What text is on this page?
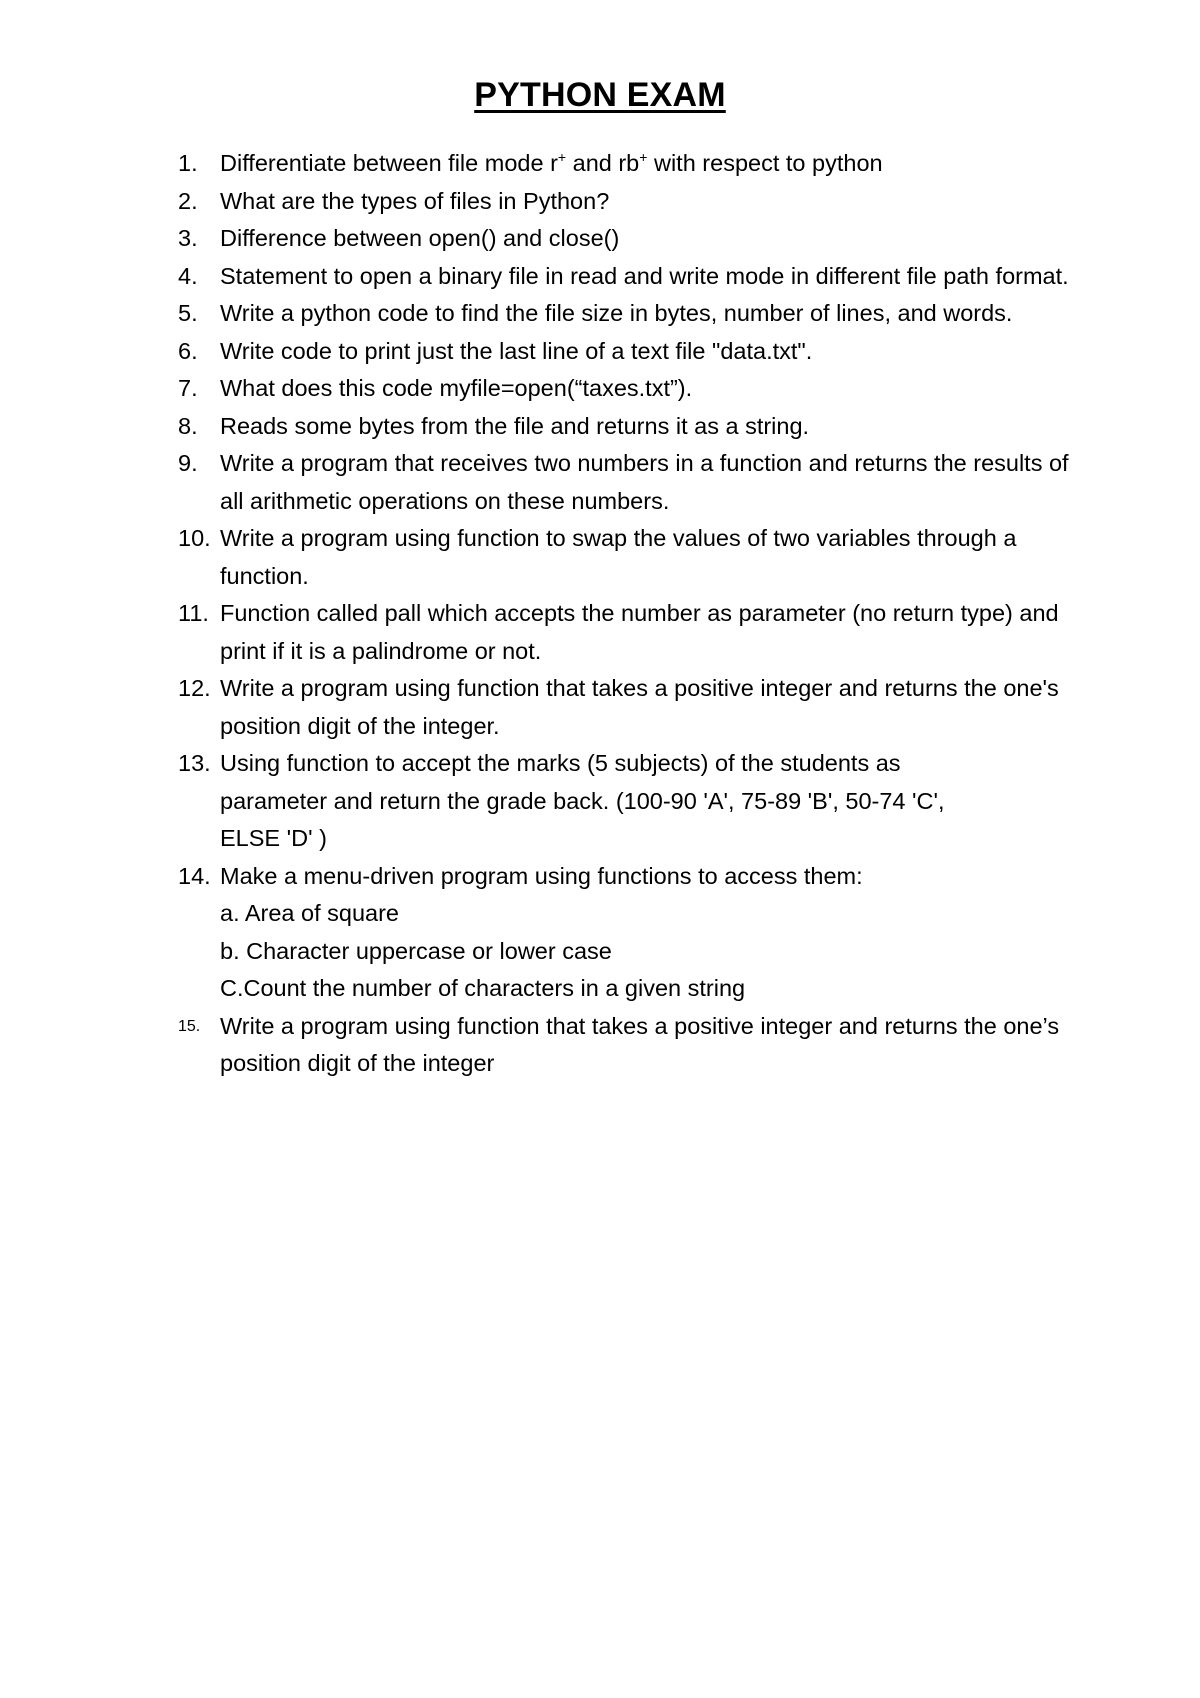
PYTHON EXAM
1. Differentiate between file mode r+ and rb+ with respect to python
2. What are the types of files in Python?
3. Difference between open() and close()
4. Statement to open a binary file in read and write mode in different file path format.
5. Write a python code to find the file size in bytes, number of lines, and words.
6. Write code to print just the last line of a text file "data.txt".
7. What does this code myfile=open(“taxes.txt”).
8. Reads some bytes from the file and returns it as a string.
9. Write a program that receives two numbers in a function and returns the results of all arithmetic operations on these numbers.
10. Write a program using function to swap the values of two variables through a function.
11. Function called pall which accepts the number as parameter (no return type) and print if it is a palindrome or not.
12. Write a program using function that takes a positive integer and returns the one's position digit of the integer.
13. Using function to accept the marks (5 subjects) of the students as
parameter and return the grade back. (100-90 'A', 75-89 'B', 50-74 'C',
ELSE 'D' )
14. Make a menu-driven program using functions to access them:
a. Area of square
b. Character uppercase or lower case
C.Count the number of characters in a given string
15. Write a program using function that takes a positive integer and returns the one’s position digit of the integer
